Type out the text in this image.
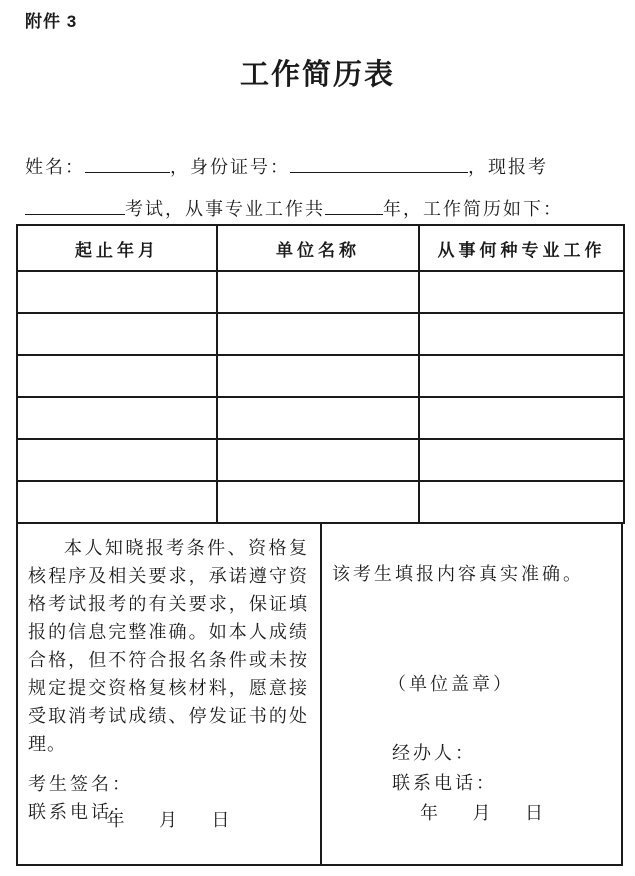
附件 3
工作简历表
姓名：	，身份证号：	，现报考
考试，从事专业工作共	年，工作简历如下：
起止年月	单位名称	从事何种专业工作

本人知晓报考条件、资格复核程序及相关要求，承诺遵守资格考试报考的有关要求，保证填报的信息完整准确。如本人成绩合格，但不符合报名条件或未按规定提交资格复核材料，愿意接受取消考试成绩、停发证书的处理。
考生签名：
联系电话：
年 月 日
该考生填报内容真实准确。
（单位盖章）
经办人：
联系电话：
年 月 日
